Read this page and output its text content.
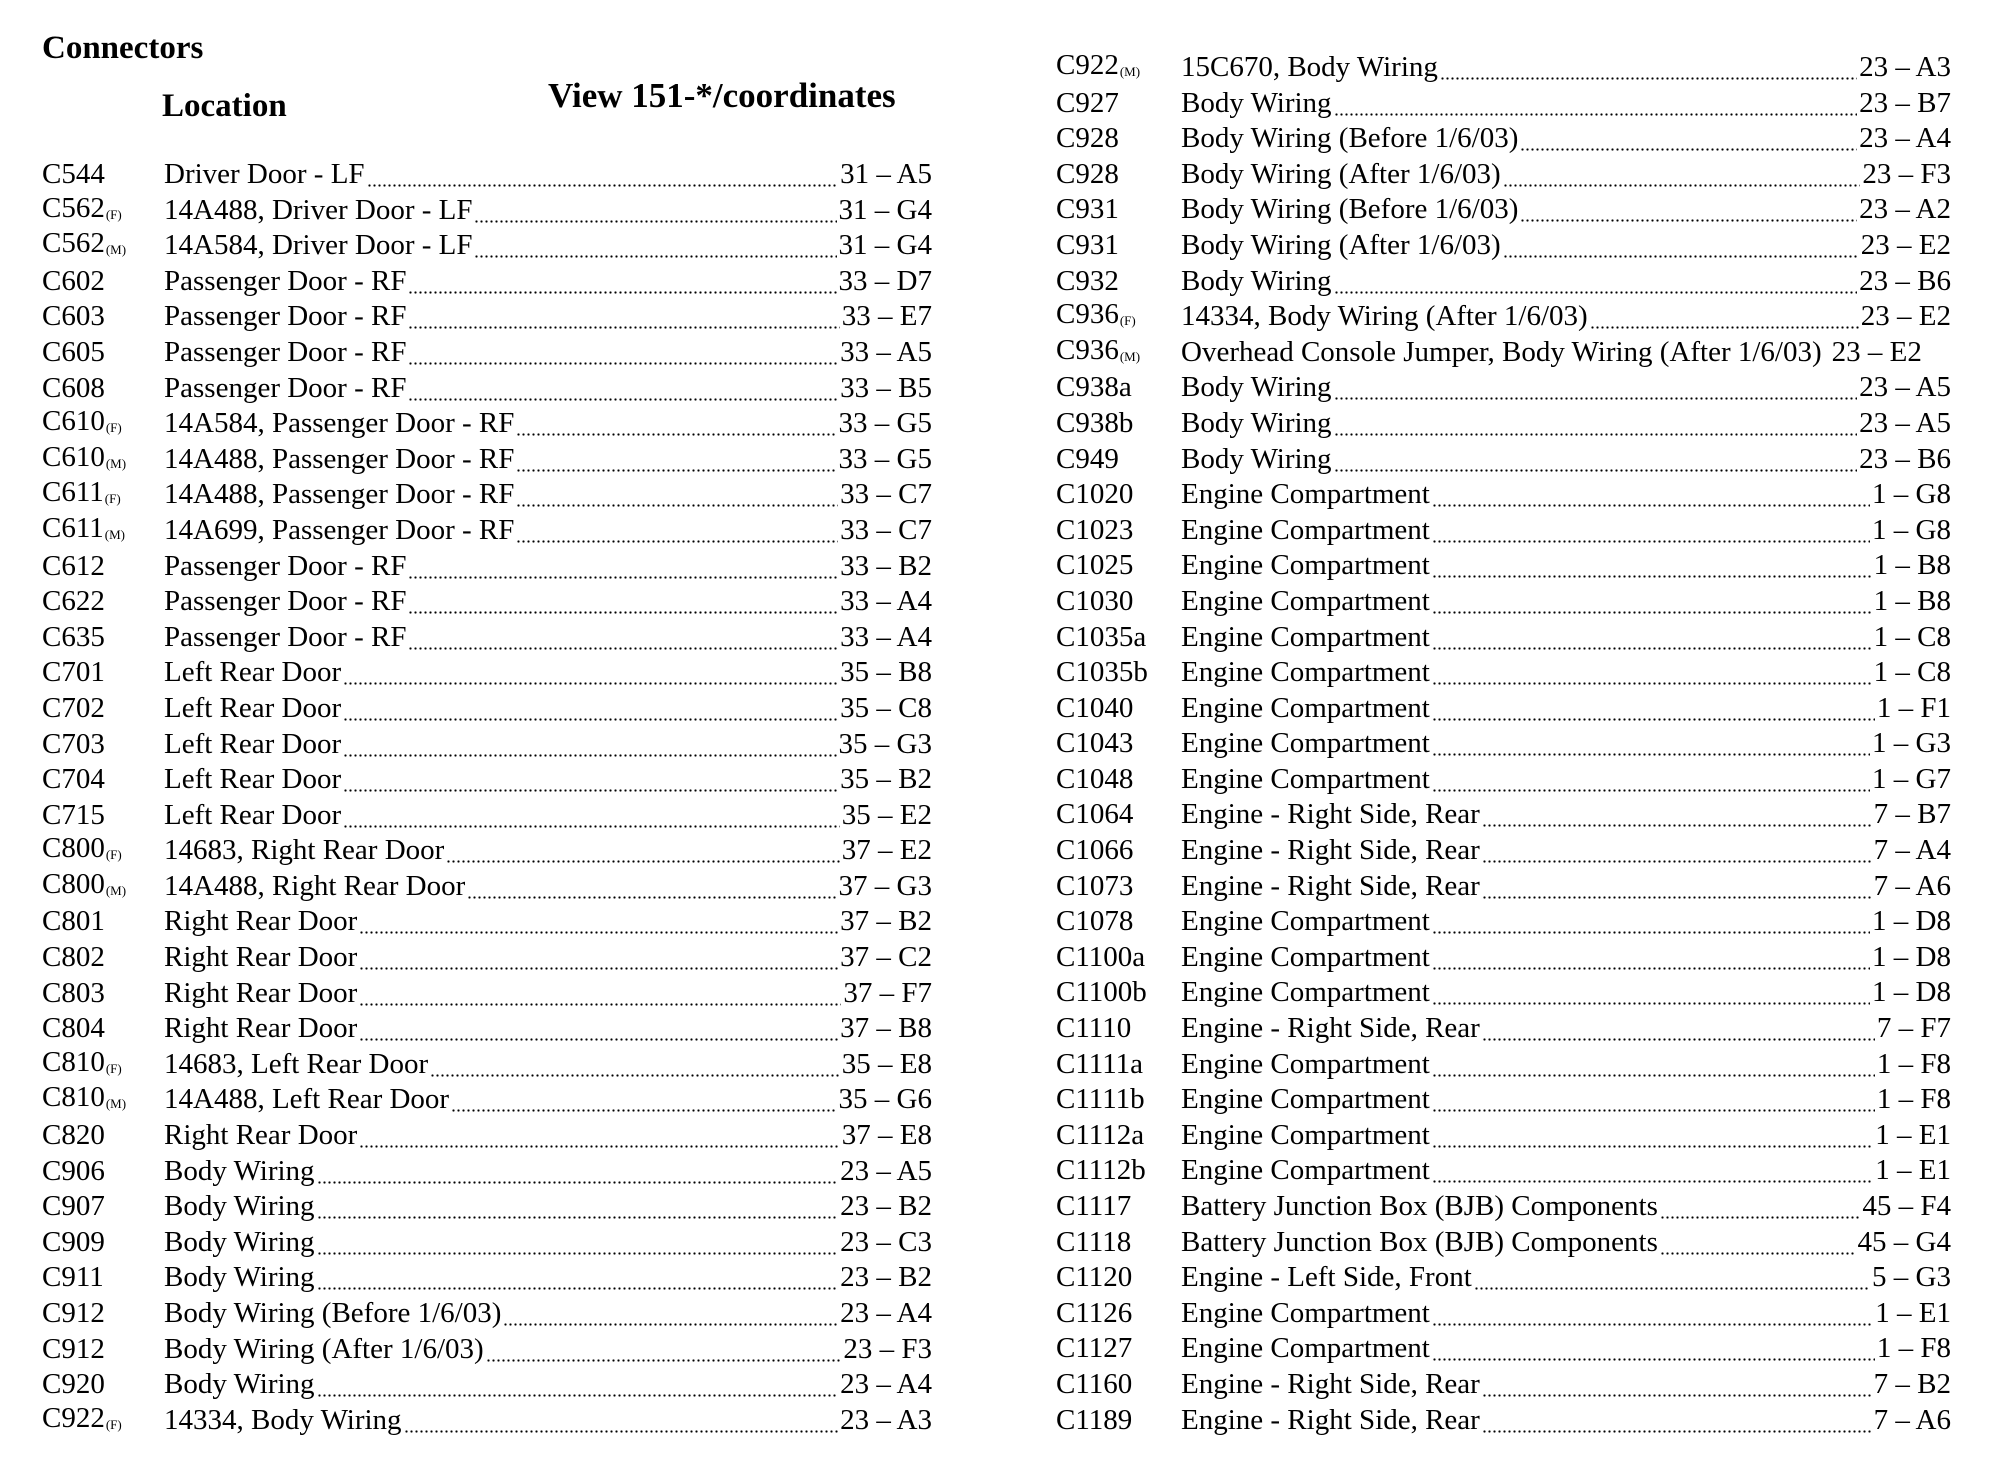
Connectors
Location	View 151-*/coordinates
C544	Driver Door - LF	31 – A5
$C562_{(F)}$	14A488, Driver Door - LF	31 – G4
$C562_{(M)}$	14A584, Driver Door - LF	31 – G4
C602	Passenger Door - RF	33 – D7
C603	Passenger Door - RF	33 – E7
C605	Passenger Door - RF	33 – A5
C608	Passenger Door - RF	33 – B5
$C610_{(F)}$	14A584, Passenger Door - RF	33 – G5
$C610_{(M)}$	14A488, Passenger Door - RF	33 – G5
$C611_{(F)}$	14A488, Passenger Door - RF	33 – C7
$C611_{(M)}$	14A699, Passenger Door - RF	33 – C7
C612	Passenger Door - RF	33 – B2
C622	Passenger Door - RF	33 – A4
C635	Passenger Door - RF	33 – A4
C701	Left Rear Door	35 – B8
C702	Left Rear Door	35 – C8
C703	Left Rear Door	35 – G3
C704	Left Rear Door	35 – B2
C715	Left Rear Door	35 – E2
$C800_{(F)}$	14683, Right Rear Door	37 – E2
$C800_{(M)}$	14A488, Right Rear Door	37 – G3
C801	Right Rear Door	37 – B2
C802	Right Rear Door	37 – C2
C803	Right Rear Door	37 – F7
C804	Right Rear Door	37 – B8
$C810_{(F)}$	14683, Left Rear Door	35 – E8
$C810_{(M)}$	14A488, Left Rear Door	35 – G6
C820	Right Rear Door	37 – E8
C906	Body Wiring	23 – A5
C907	Body Wiring	23 – B2
C909	Body Wiring	23 – C3
C911	Body Wiring	23 – B2
C912	Body Wiring (Before 1/6/03)	23 – A4
C912	Body Wiring (After 1/6/03)	23 – F3
C920	Body Wiring	23 – A4
$C922_{(F)}$	14334, Body Wiring	23 – A3
$C922_{(M)}$	15C670, Body Wiring	23 – A3
C927	Body Wiring	23 – B7
C928	Body Wiring (Before 1/6/03)	23 – A4
C928	Body Wiring (After 1/6/03)	23 – F3
C931	Body Wiring (Before 1/6/03)	23 – A2
C931	Body Wiring (After 1/6/03)	23 – E2
C932	Body Wiring	23 – B6
$C936_{(F)}$	14334, Body Wiring (After 1/6/03)	23 – E2
$C936_{(M)}$	Overhead Console Jumper, Body Wiring (After 1/6/03) 23 – E2
C938a	Body Wiring	23 – A5
C938b	Body Wiring	23 – A5
C949	Body Wiring	23 – B6
C1020	Engine Compartment	1 – G8
C1023	Engine Compartment	1 – G8
C1025	Engine Compartment	1 – B8
C1030	Engine Compartment	1 – B8
C1035a	Engine Compartment	1 – C8
C1035b	Engine Compartment	1 – C8
C1040	Engine Compartment	1 – F1
C1043	Engine Compartment	1 – G3
C1048	Engine Compartment	1 – G7
C1064	Engine - Right Side, Rear	7 – B7
C1066	Engine - Right Side, Rear	7 – A4
C1073	Engine - Right Side, Rear	7 – A6
C1078	Engine Compartment	1 – D8
C1100a	Engine Compartment	1 – D8
C1100b	Engine Compartment	1 – D8
C1110	Engine - Right Side, Rear	7 – F7
C1111a	Engine Compartment	1 – F8
C1111b	Engine Compartment	1 – F8
C1112a	Engine Compartment	1 – E1
C1112b	Engine Compartment	1 – E1
C1117	Battery Junction Box (BJB) Components	45 – F4
C1118	Battery Junction Box (BJB) Components	45 – G4
C1120	Engine - Left Side, Front	5 – G3
C1126	Engine Compartment	1 – E1
C1127	Engine Compartment	1 – F8
C1160	Engine - Right Side, Rear	7 – B2
C1189	Engine - Right Side, Rear	7 – A6
